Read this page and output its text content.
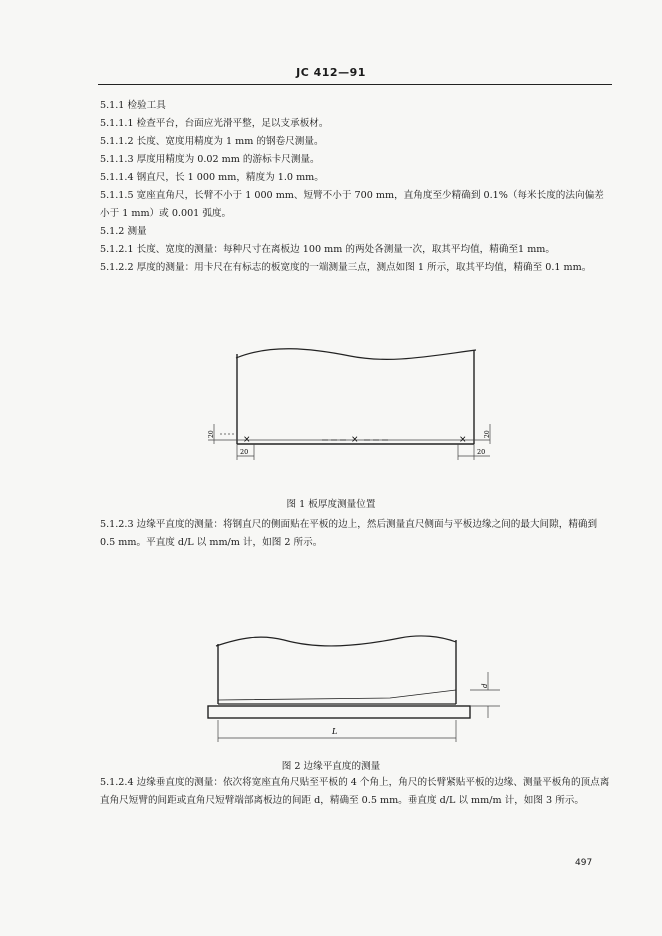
JC 412—91
5.1.1 检验工具
5.1.1.1 检查平台，台面应光滑平整，足以支承板材。
5.1.1.2 长度、宽度用精度为 1 mm 的钢卷尺测量。
5.1.1.3 厚度用精度为 0.02 mm 的游标卡尺测量。
5.1.1.4 钢直尺，长 1 000 mm，精度为 1.0 mm。
5.1.1.5 宽座直角尺，长臂不小于 1 000 mm、短臂不小于 700 mm，直角度至少精确到 0.1%（每米长度的法向偏差小于 1 mm）或 0.001 弧度。
5.1.2 测量
5.1.2.1 长度、宽度的测量：每种尺寸在离板边 100 mm 的两处各测量一次，取其平均值，精确至1 mm。
5.1.2.2 厚度的测量：用卡尺在有标志的板宽度的一端测量三点，测点如图 1 所示，取其平均值，精确至 0.1 mm。
×	×	×
20
20
20
20
图 1 板厚度测量位置
5.1.2.3 边缘平直度的测量：将钢直尺的侧面贴在平板的边上，然后测量直尺侧面与平板边缘之间的最大间隙，精确到 0.5 mm。平直度 d/L 以 mm/m 计，如图 2 所示。
d
L
图 2 边缘平直度的测量
5.1.2.4 边缘垂直度的测量：依次将宽座直角尺贴至平板的 4 个角上，角尺的长臂紧贴平板的边缘、测量平板角的顶点离直角尺短臂的间距或直角尺短臂端部离板边的间距 d，精确至 0.5 mm。垂直度 d/L 以 mm/m 计，如图 3 所示。
497
